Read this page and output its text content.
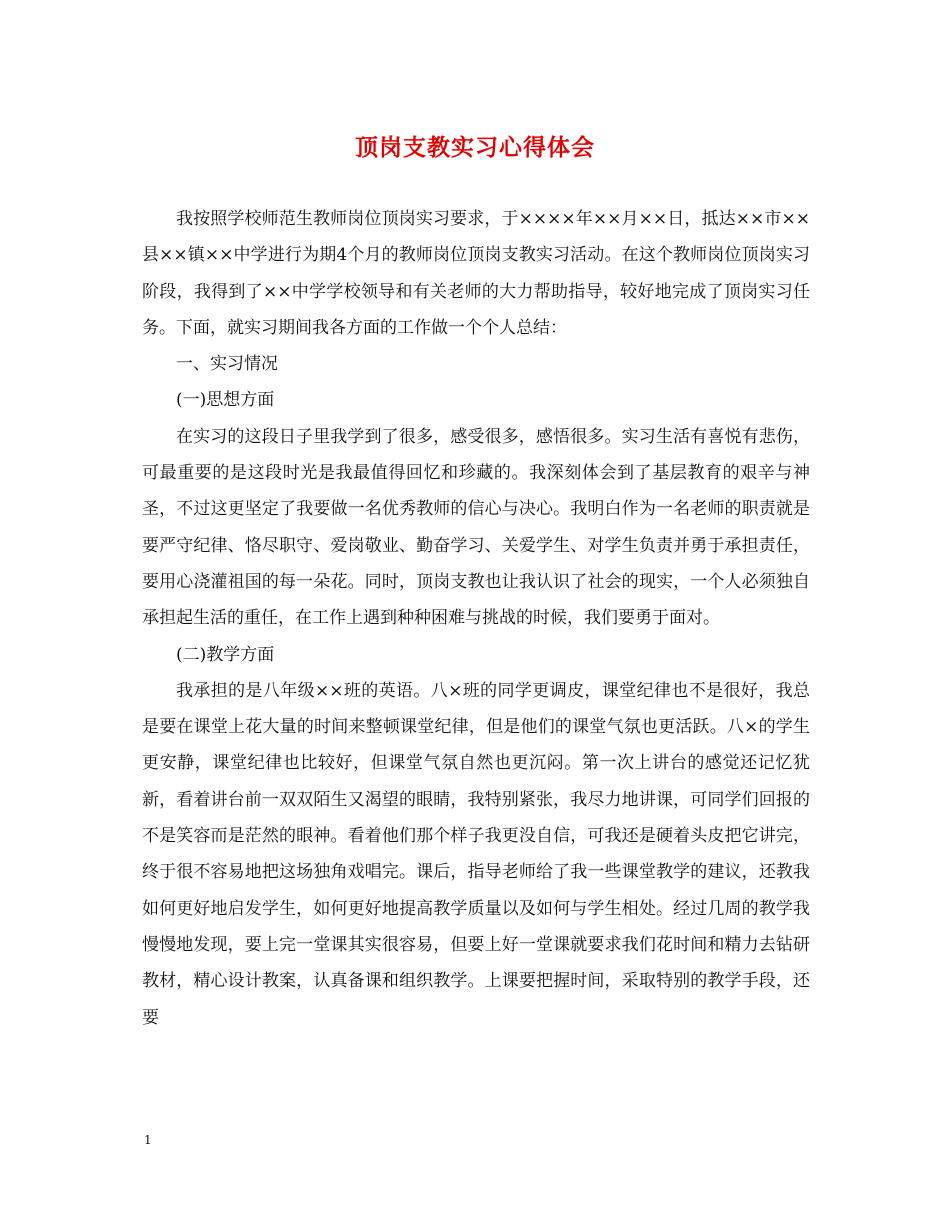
顶岗支教实习心得体会

我按照学校师范生教师岗位顶岗实习要求，于××××年××月××日，抵达××市××县××镇××中学进行为期4个月的教师岗位顶岗支教实习活动。在这个教师岗位顶岗实习阶段，我得到了××中学学校领导和有关老师的大力帮助指导，较好地完成了顶岗实习任务。下面，就实习期间我各方面的工作做一个个人总结：

一、实习情况

(一)思想方面

在实习的这段日子里我学到了很多，感受很多，感悟很多。实习生活有喜悦有悲伤，可最重要的是这段时光是我最值得回忆和珍藏的。我深刻体会到了基层教育的艰辛与神圣，不过这更坚定了我要做一名优秀教师的信心与决心。我明白作为一名老师的职责就是要严守纪律、恪尽职守、爱岗敬业、勤奋学习、关爱学生、对学生负责并勇于承担责任，要用心浇灌祖国的每一朵花。同时，顶岗支教也让我认识了社会的现实，一个人必须独自承担起生活的重任，在工作上遇到种种困难与挑战的时候，我们要勇于面对。

(二)教学方面

我承担的是八年级××班的英语。八×班的同学更调皮，课堂纪律也不是很好，我总是要在课堂上花大量的时间来整顿课堂纪律，但是他们的课堂气氛也更活跃。八×的学生更安静，课堂纪律也比较好，但课堂气氛自然也更沉闷。第一次上讲台的感觉还记忆犹新，看着讲台前一双双陌生又渴望的眼睛，我特别紧张，我尽力地讲课，可同学们回报的不是笑容而是茫然的眼神。看着他们那个样子我更没自信，可我还是硬着头皮把它讲完，终于很不容易地把这场独角戏唱完。课后，指导老师给了我一些课堂教学的建议，还教我如何更好地启发学生，如何更好地提高教学质量以及如何与学生相处。经过几周的教学我慢慢地发现，要上完一堂课其实很容易，但要上好一堂课就要求我们花时间和精力去钻研教材，精心设计教案，认真备课和组织教学。上课要把握时间，采取特别的教学手段，还要

1
